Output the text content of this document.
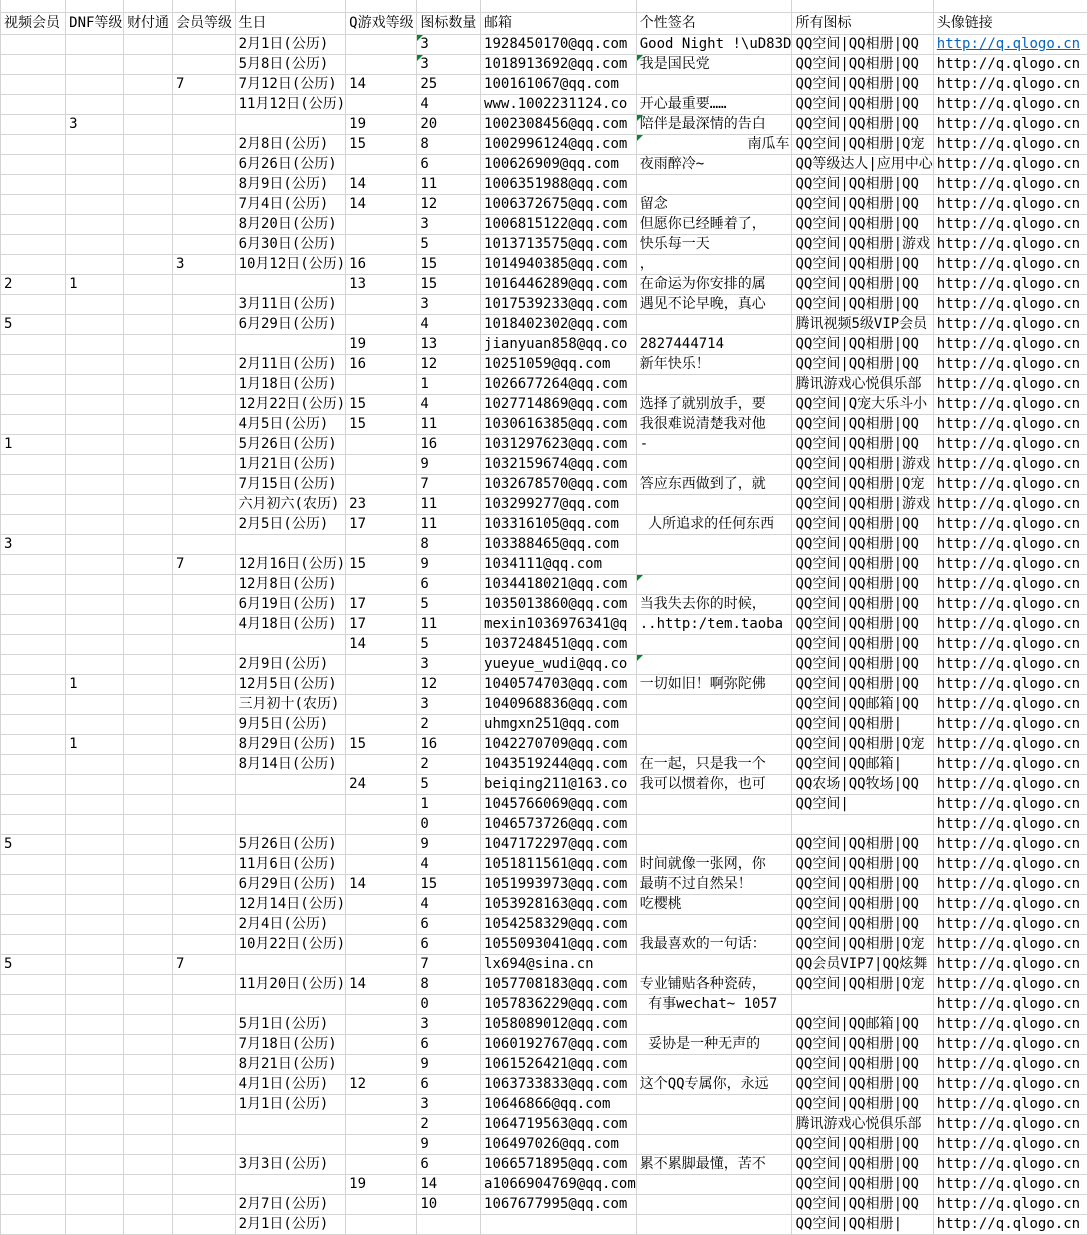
视频会员	DNF等级	财付通	会员等级	生日	Q游戏等级	图标数量	邮箱	个性签名	所有图标	头像链接
				2月1日(公历)		3	1928450170@qq.com	Good Night !\uD83D	QQ空间|QQ相册|QQ	http://q.qlogo.cn
				5月8日(公历)		3	1018913692@qq.com	我是国民党	QQ空间|QQ相册|QQ	http://q.qlogo.cn
			7	7月12日(公历)	14	25	100161067@qq.com		QQ空间|QQ相册|QQ	http://q.qlogo.cn
				11月12日(公历)		4	www.1002231124.co	开心最重要……	QQ空间|QQ相册|QQ	http://q.qlogo.cn
	3				19	20	1002308456@qq.com	陪伴是最深情的告白	QQ空间|QQ相册|QQ	http://q.qlogo.cn
				2月8日(公历)	15	8	1002996124@qq.com	南瓜车	QQ空间|QQ相册|Q宠	http://q.qlogo.cn
				6月26日(公历)		6	100626909@qq.com	夜雨醉冷~	QQ等级达人|应用中心	http://q.qlogo.cn
				8月9日(公历)	14	11	1006351988@qq.com		QQ空间|QQ相册|QQ	http://q.qlogo.cn
				7月4日(公历)	14	12	1006372675@qq.com	留念	QQ空间|QQ相册|QQ	http://q.qlogo.cn
				8月20日(公历)		3	1006815122@qq.com	但愿你已经睡着了，	QQ空间|QQ相册|QQ	http://q.qlogo.cn
				6月30日(公历)		5	1013713575@qq.com	快乐每一天	QQ空间|QQ相册|游戏	http://q.qlogo.cn
			3	10月12日(公历)	16	15	1014940385@qq.com	，	QQ空间|QQ相册|QQ	http://q.qlogo.cn
2	1				13	15	1016446289@qq.com	在命运为你安排的属	QQ空间|QQ相册|QQ	http://q.qlogo.cn
				3月11日(公历)		3	1017539233@qq.com	遇见不论早晚，真心	QQ空间|QQ相册|QQ	http://q.qlogo.cn
5				6月29日(公历)		4	1018402302@qq.com		腾讯视频5级VIP会员	http://q.qlogo.cn
					19	13	jianyuan858@qq.co	2827444714	QQ空间|QQ相册|QQ	http://q.qlogo.cn
				2月11日(公历)	16	12	10251059@qq.com	新年快乐！	QQ空间|QQ相册|QQ	http://q.qlogo.cn
				1月18日(公历)		1	1026677264@qq.com		腾讯游戏心悦俱乐部	http://q.qlogo.cn
				12月22日(公历)	15	4	1027714869@qq.com	选择了就别放手，要	QQ空间|Q宠大乐斗小	http://q.qlogo.cn
				4月5日(公历)	15	11	1030616385@qq.com	我很难说清楚我对他	QQ空间|QQ相册|QQ	http://q.qlogo.cn
1				5月26日(公历)		16	1031297623@qq.com	-	QQ空间|QQ相册|QQ	http://q.qlogo.cn
				1月21日(公历)		9	1032159674@qq.com		QQ空间|QQ相册|游戏	http://q.qlogo.cn
				7月15日(公历)		7	1032678570@qq.com	答应东西做到了，就	QQ空间|QQ相册|Q宠	http://q.qlogo.cn
				六月初六(农历)	23	11	103299277@qq.com		QQ空间|QQ相册|游戏	http://q.qlogo.cn
				2月5日(公历)	17	11	103316105@qq.com	人所追求的任何东西	QQ空间|QQ相册|QQ	http://q.qlogo.cn
3						8	103388465@qq.com		QQ空间|QQ相册|QQ	http://q.qlogo.cn
			7	12月16日(公历)	15	9	1034111@qq.com		QQ空间|QQ相册|QQ	http://q.qlogo.cn
				12月8日(公历)		6	1034418021@qq.com		QQ空间|QQ相册|QQ	http://q.qlogo.cn
				6月19日(公历)	17	5	1035013860@qq.com	当我失去你的时候，	QQ空间|QQ相册|QQ	http://q.qlogo.cn
				4月18日(公历)	17	11	mexin1036976341@q	..http:/tem.taoba	QQ空间|QQ相册|QQ	http://q.qlogo.cn
					14	5	1037248451@qq.com		QQ空间|QQ相册|QQ	http://q.qlogo.cn
				2月9日(公历)		3	yueyue_wudi@qq.co		QQ空间|QQ相册|QQ	http://q.qlogo.cn
	1			12月5日(公历)		12	1040574703@qq.com	一切如旧！啊弥陀佛	QQ空间|QQ相册|QQ	http://q.qlogo.cn
				三月初十(农历)		3	1040968836@qq.com		QQ空间|QQ邮箱|QQ	http://q.qlogo.cn
				9月5日(公历)		2	uhmgxn251@qq.com		QQ空间|QQ相册|	http://q.qlogo.cn
	1			8月29日(公历)	15	16	1042270709@qq.com		QQ空间|QQ相册|Q宠	http://q.qlogo.cn
				8月14日(公历)		2	1043519244@qq.com	在一起，只是我一个	QQ空间|QQ邮箱|	http://q.qlogo.cn
					24	5	beiqing211@163.co	我可以惯着你，也可	QQ农场|QQ牧场|QQ	http://q.qlogo.cn
						1	1045766069@qq.com		QQ空间|	http://q.qlogo.cn
						0	1046573726@qq.com			http://q.qlogo.cn
5				5月26日(公历)		9	1047172297@qq.com		QQ空间|QQ相册|QQ	http://q.qlogo.cn
				11月6日(公历)		4	1051811561@qq.com	时间就像一张网，你	QQ空间|QQ相册|QQ	http://q.qlogo.cn
				6月29日(公历)	14	15	1051993973@qq.com	最萌不过自然呆！	QQ空间|QQ相册|QQ	http://q.qlogo.cn
				12月14日(公历)		4	1053928163@qq.com	吃樱桃	QQ空间|QQ相册|QQ	http://q.qlogo.cn
				2月4日(公历)		6	1054258329@qq.com		QQ空间|QQ相册|QQ	http://q.qlogo.cn
				10月22日(公历)		6	1055093041@qq.com	我最喜欢的一句话：	QQ空间|QQ相册|Q宠	http://q.qlogo.cn
5			7			7	lx694@sina.cn		QQ会员VIP7|QQ炫舞	http://q.qlogo.cn
				11月20日(公历)	14	8	1057708183@qq.com	专业铺贴各种瓷砖，	QQ空间|QQ相册|Q宠	http://q.qlogo.cn
						0	1057836229@qq.com	有事wechat~ 1057		http://q.qlogo.cn
				5月1日(公历)		3	1058089012@qq.com		QQ空间|QQ邮箱|QQ	http://q.qlogo.cn
				7月18日(公历)		6	1060192767@qq.com	妥协是一种无声的	QQ空间|QQ相册|QQ	http://q.qlogo.cn
				8月21日(公历)		9	1061526421@qq.com		QQ空间|QQ相册|QQ	http://q.qlogo.cn
				4月1日(公历)	12	6	1063733833@qq.com	这个QQ专属你，永远	QQ空间|QQ相册|QQ	http://q.qlogo.cn
				1月1日(公历)		3	10646866@qq.com		QQ空间|QQ相册|QQ	http://q.qlogo.cn
						2	1064719563@qq.com		腾讯游戏心悦俱乐部	http://q.qlogo.cn
						9	106497026@qq.com		QQ空间|QQ相册|QQ	http://q.qlogo.cn
				3月3日(公历)		6	1066571895@qq.com	累不累脚最懂，苦不	QQ空间|QQ相册|QQ	http://q.qlogo.cn
					19	14	a1066904769@qq.com		QQ空间|QQ相册|QQ	http://q.qlogo.cn
				2月7日(公历)		10	1067677995@qq.com		QQ空间|QQ相册|QQ	http://q.qlogo.cn
				2月1日(公历)					QQ空间|QQ相册|	http://q.qlogo.cn
